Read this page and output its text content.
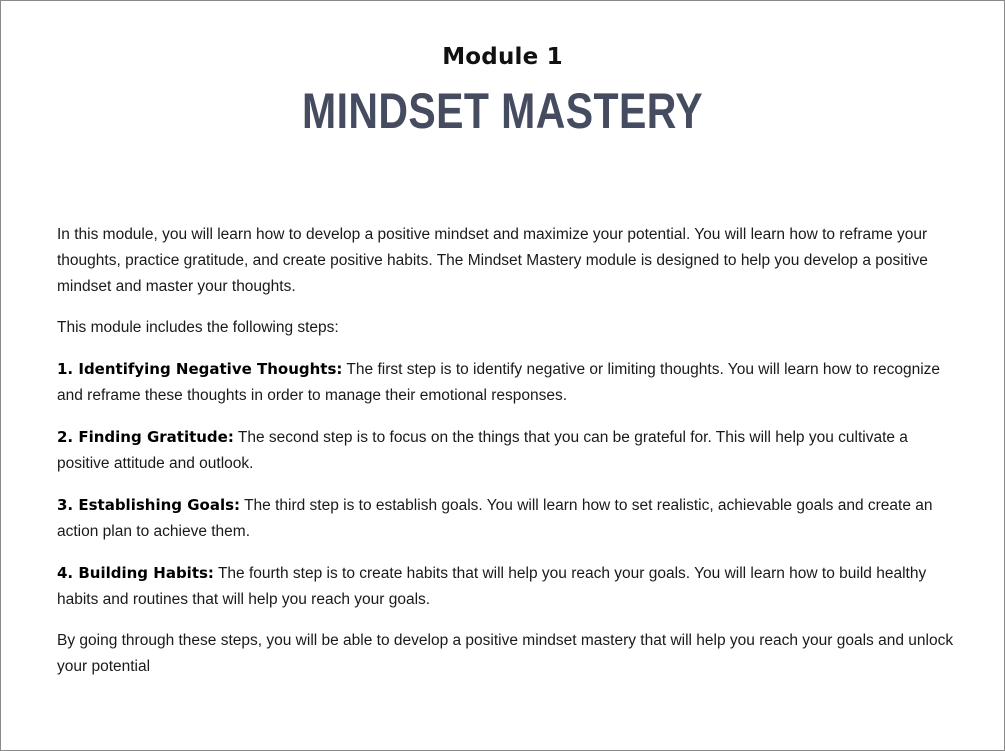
Module 1
MINDSET MASTERY

In this module, you will learn how to develop a positive mindset and maximize your potential. You will learn how to reframe your thoughts, practice gratitude, and create positive habits. The Mindset Mastery module is designed to help you develop a positive mindset and master your thoughts.

This module includes the following steps:

1. Identifying Negative Thoughts: The first step is to identify negative or limiting thoughts. You will learn how to recognize and reframe these thoughts in order to manage their emotional responses.

2. Finding Gratitude: The second step is to focus on the things that you can be grateful for. This will help you cultivate a positive attitude and outlook.

3. Establishing Goals: The third step is to establish goals. You will learn how to set realistic, achievable goals and create an action plan to achieve them.

4. Building Habits: The fourth step is to create habits that will help you reach your goals. You will learn how to build healthy habits and routines that will help you reach your goals.

By going through these steps, you will be able to develop a positive mindset mastery that will help you reach your goals and unlock your potential
